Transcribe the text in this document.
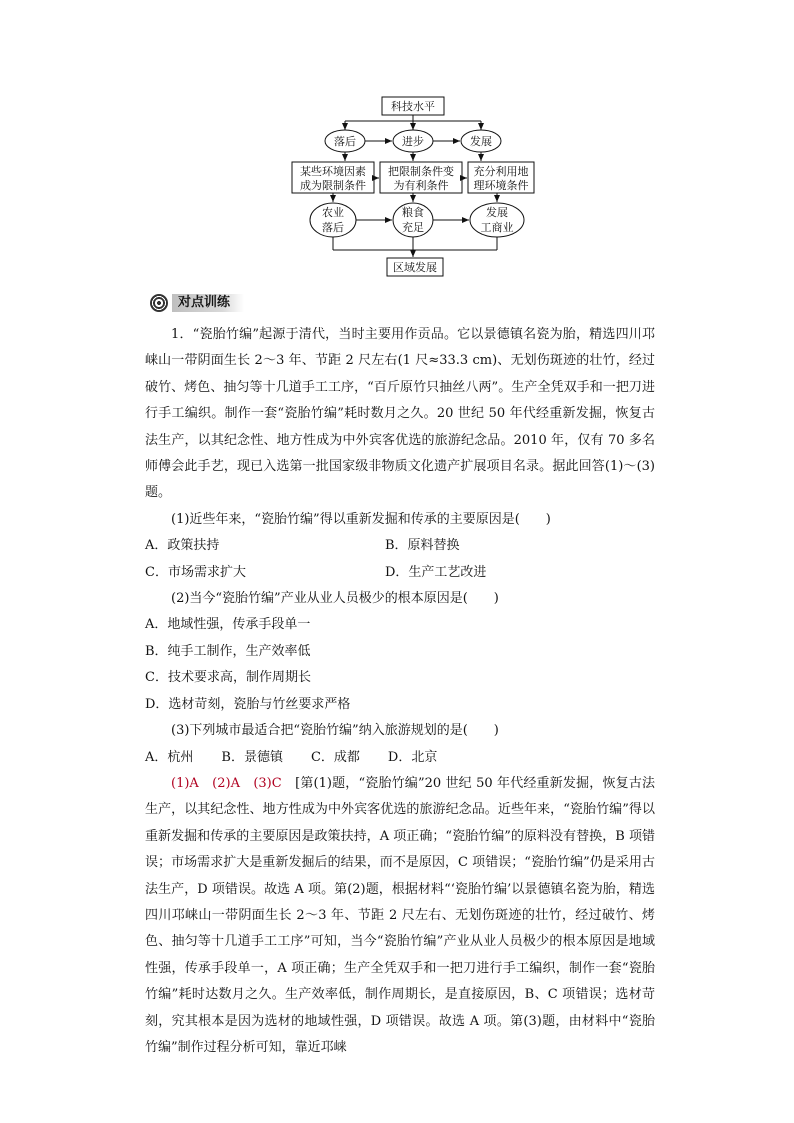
科技水平
落后	进步	发展
某些环境因素
成为限制条件
把限制条件变
为有利条件
充分利用地
理环境条件
农业
落后
粮食
充足
发展
工商业
区域发展
对点训练

1．“瓷胎竹编”起源于清代，当时主要用作贡品。它以景德镇名瓷为胎，精选四川邛崃山一带阴面生长 2～3 年、节距 2 尺左右(1 尺≈33.3 cm)、无划伤斑迹的壮竹，经过破竹、烤色、抽匀等十几道手工工序，“百斤原竹只抽丝八两”。生产全凭双手和一把刀进行手工编织。制作一套“瓷胎竹编”耗时数月之久。20 世纪 50 年代经重新发掘，恢复古法生产，以其纪念性、地方性成为中外宾客优选的旅游纪念品。2010 年，仅有 70 多名师傅会此手艺，现已入选第一批国家级非物质文化遗产扩展项目名录。据此回答(1)～(3)题。

(1)近些年来，“瓷胎竹编”得以重新发掘和传承的主要原因是(　　)

A．政策扶持	B．原料替换
C．市场需求扩大	D．生产工艺改进

(2)当今“瓷胎竹编”产业从业人员极少的根本原因是(　　)

A．地域性强，传承手段单一

B．纯手工制作，生产效率低

C．技术要求高，制作周期长

D．选材苛刻，瓷胎与竹丝要求严格

(3)下列城市最适合把“瓷胎竹编”纳入旅游规划的是(　　)

A．杭州 B．景德镇 C．成都 D．北京

(1)A　(2)A　(3)C　 [第(1)题，“瓷胎竹编”20 世纪 50 年代经重新发掘，恢复古法生产，以其纪念性、地方性成为中外宾客优选的旅游纪念品。近些年来，“瓷胎竹编”得以重新发掘和传承的主要原因是政策扶持，A 项正确；“瓷胎竹编”的原料没有替换，B 项错误；市场需求扩大是重新发掘后的结果，而不是原因，C 项错误；“瓷胎竹编”仍是采用古法生产，D 项错误。故选 A 项。第(2)题，根据材料“‘瓷胎竹编’以景德镇名瓷为胎，精选四川邛崃山一带阴面生长 2～3 年、节距 2 尺左右、无划伤斑迹的壮竹，经过破竹、烤色、抽匀等十几道手工工序”可知，当今“瓷胎竹编”产业从业人员极少的根本原因是地域性强，传承手段单一，A 项正确；生产全凭双手和一把刀进行手工编织，制作一套“瓷胎竹编”耗时达数月之久。生产效率低，制作周期长，是直接原因，B、C 项错误；选材苛刻，究其根本是因为选材的地域性强，D 项错误。故选 A 项。第(3)题，由材料中“瓷胎竹编”制作过程分析可知，靠近邛崃
